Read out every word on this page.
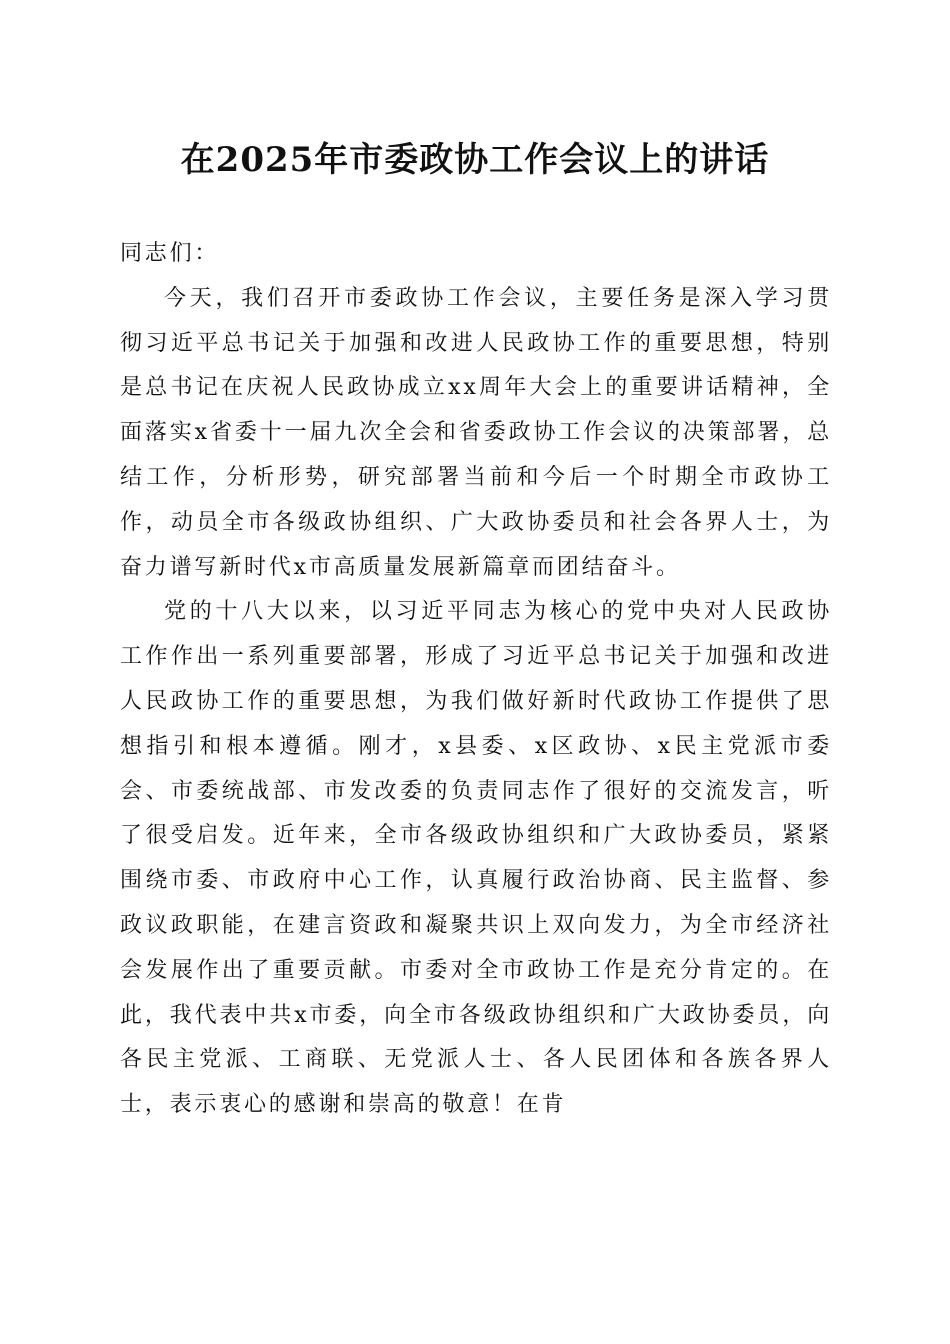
在2025年市委政协工作会议上的讲话

同志们：

今天，我们召开市委政协工作会议，主要任务是深入学习贯彻习近平总书记关于加强和改进人民政协工作的重要思想，特别是总书记在庆祝人民政协成立xx周年大会上的重要讲话精神，全面落实x省委十一届九次全会和省委政协工作会议的决策部署，总结工作，分析形势，研究部署当前和今后一个时期全市政协工作，动员全市各级政协组织、广大政协委员和社会各界人士，为奋力谱写新时代x市高质量发展新篇章而团结奋斗。

党的十八大以来，以习近平同志为核心的党中央对人民政协工作作出一系列重要部署，形成了习近平总书记关于加强和改进人民政协工作的重要思想，为我们做好新时代政协工作提供了思想指引和根本遵循。刚才，x县委、x区政协、x民主党派市委会、市委统战部、市发改委的负责同志作了很好的交流发言，听了很受启发。近年来，全市各级政协组织和广大政协委员，紧紧围绕市委、市政府中心工作，认真履行政治协商、民主监督、参政议政职能，在建言资政和凝聚共识上双向发力，为全市经济社会发展作出了重要贡献。市委对全市政协工作是充分肯定的。在此，我代表中共x市委，向全市各级政协组织和广大政协委员，向各民主党派、工商联、无党派人士、各人民团体和各族各界人士，表示衷心的感谢和崇高的敬意！在肯
